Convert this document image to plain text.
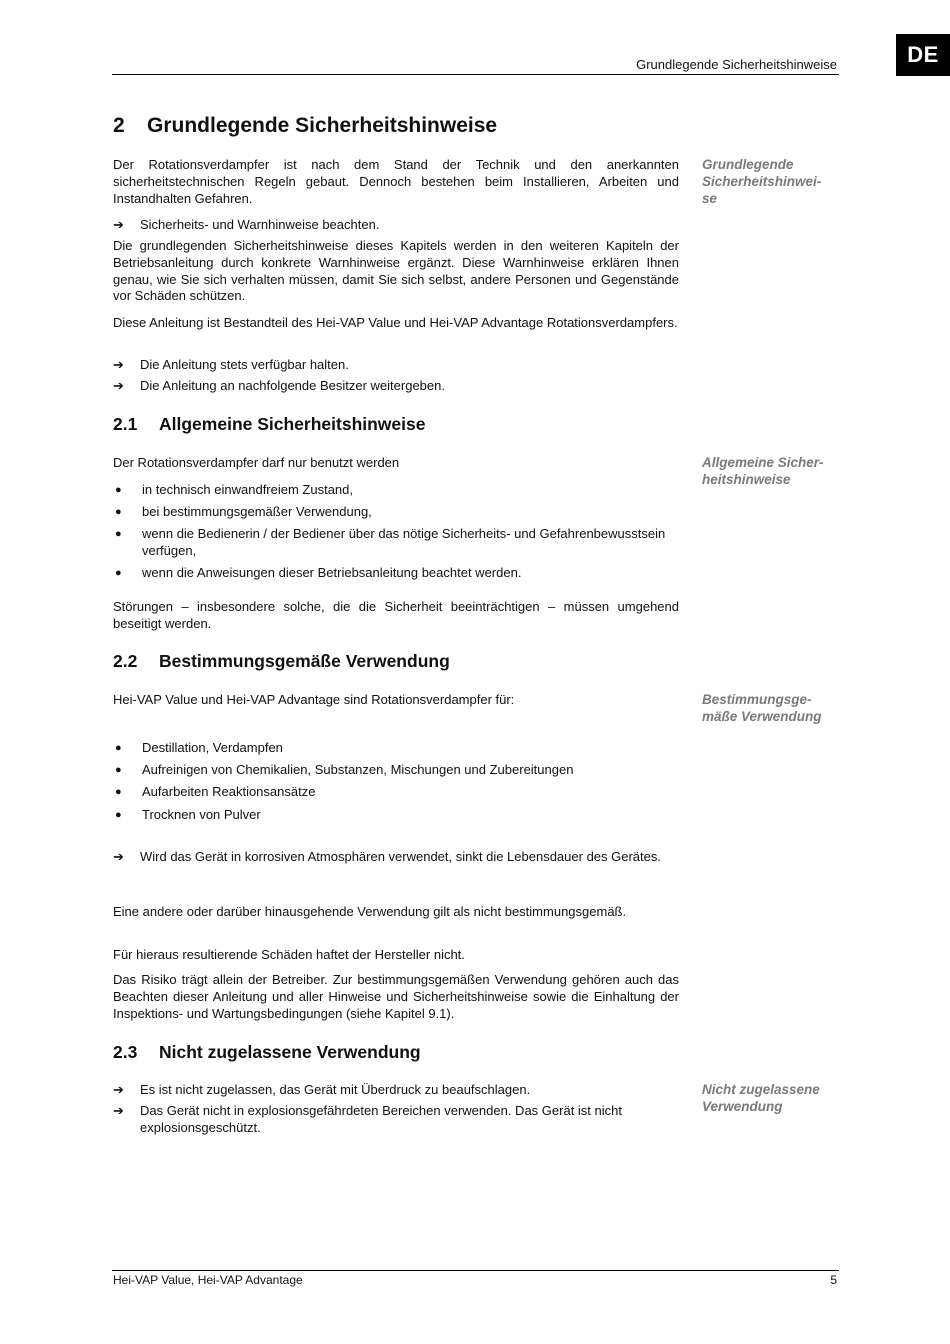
DE
Grundlegende Sicherheitshinweise
2 Grundlegende Sicherheitshinweise
Grundlegende Sicherheitshinwei-se

Der Rotationsverdampfer ist nach dem Stand der Technik und den anerkannten sicherheitstechnischen Regeln gebaut. Dennoch bestehen beim Installieren, Arbeiten und Instandhalten Gefahren.

➔ Sicherheits- und Warnhinweise beachten.

Die grundlegenden Sicherheitshinweise dieses Kapitels werden in den weiteren Kapiteln der Betriebsanleitung durch konkrete Warnhinweise ergänzt. Diese Warnhinweise erklären Ihnen genau, wie Sie sich verhalten müssen, damit Sie sich selbst, andere Personen und Gegenstände vor Schäden schützen.

Diese Anleitung ist Bestandteil des Hei-VAP Value und Hei-VAP Advantage Rotationsverdampfers.

➔ Die Anleitung stets verfügbar halten.
➔ Die Anleitung an nachfolgende Besitzer weitergeben.
2.1 Allgemeine Sicherheitshinweise
Allgemeine Sicher-heitshinweise

Der Rotationsverdampfer darf nur benutzt werden

● in technisch einwandfreiem Zustand,
● bei bestimmungsgemäßer Verwendung,
● wenn die Bedienerin / der Bediener über das nötige Sicherheits- und Gefahrenbewusstsein verfügen,
● wenn die Anweisungen dieser Betriebsanleitung beachtet werden.

Störungen – insbesondere solche, die die Sicherheit beeinträchtigen – müssen umgehend beseitigt werden.

2.2 Bestimmungsgemäße Verwendung
Bestimmungsge-mäße Verwendung

Hei-VAP Value und Hei-VAP Advantage sind Rotationsverdampfer für:

● Destillation, Verdampfen
● Aufreinigen von Chemikalien, Substanzen, Mischungen und Zubereitungen
● Aufarbeiten Reaktionsansätze
● Trocknen von Pulver
➔ Wird das Gerät in korrosiven Atmosphären verwendet, sinkt die Lebensdauer des Gerätes.

Eine andere oder darüber hinausgehende Verwendung gilt als nicht bestimmungsgemäß.

Für hieraus resultierende Schäden haftet der Hersteller nicht.

Das Risiko trägt allein der Betreiber. Zur bestimmungsgemäßen Verwendung gehören auch das Beachten dieser Anleitung und aller Hinweise und Sicherheitshinweise sowie die Einhaltung der Inspektions- und Wartungsbedingungen (siehe Kapitel 9.1).

2.3 Nicht zugelassene Verwendung
Nicht zugelassene Verwendung
➔ Es ist nicht zugelassen, das Gerät mit Überdruck zu beaufschlagen.
➔ Das Gerät nicht in explosionsgefährdeten Bereichen verwenden. Das Gerät ist nicht explosionsgeschützt.
Hei-VAP Value, Hei-VAP Advantage	5
